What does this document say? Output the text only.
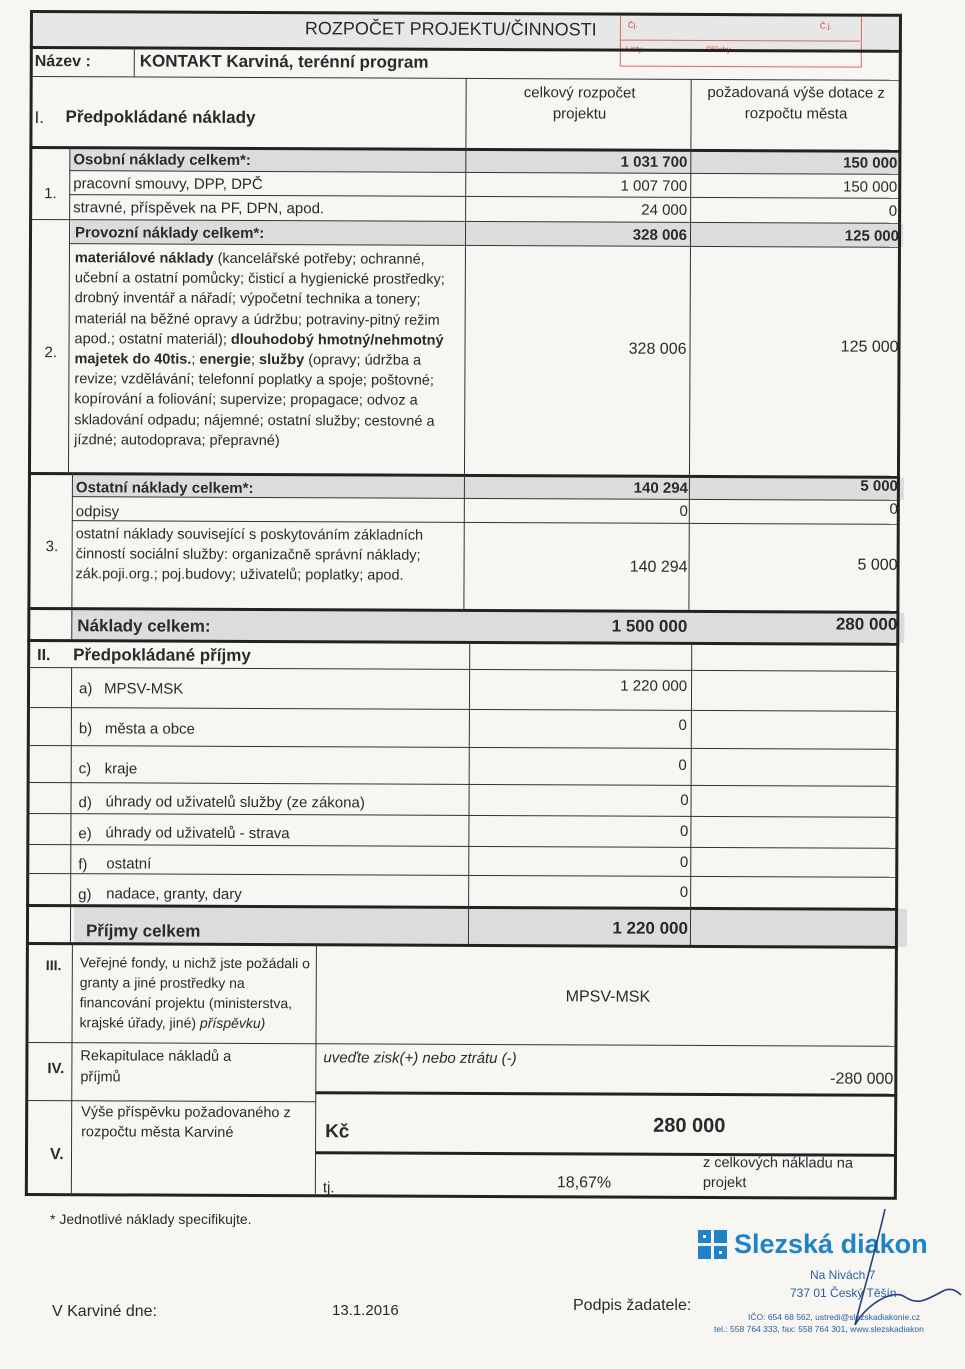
Čj.	Č.j.
Listy	Přílohy
ROZPOČET PROJEKTU/ČINNOSTI
Název :	KONTAKT Karviná, terénní program
I. Předpokládané náklady
celkový rozpočet projektu
požadovaná výše dotace z rozpočtu města
1.
Osobní náklady celkem*:	1 031 700	150 000
pracovní smouvy, DPP, DPČ	1 007 700	150 000
stravné, příspěvek na PF, DPN, apod.	24 000	0
2.
Provozní náklady celkem*:	328 006	125 000
materiálové náklady (kancelářské potřeby; ochranné, učební a ostatní pomůcky; čisticí a hygienické prostředky; drobný inventář a nářadí; výpočetní technika a tonery; materiál na běžné opravy a údržbu; potraviny-pitný režim apod.; ostatní materiál); dlouhodobý hmotný/nehmotný majetek do 40tis.; energie; služby (opravy; údržba a revize; vzdělávání; telefonní poplatky a spoje; poštovné; kopírování a foliování; supervize; propagace; odvoz a skladování odpadu; nájemné; ostatní služby; cestovné a jízdné; autodoprava; přepravné)
328 006	125 000
3.
Ostatní náklady celkem*:	140 294	5 000
odpisy	0	0
ostatní náklady související s poskytováním základních činností sociální služby: organizačně správní náklady; zák.poji.org.; poj.budovy; uživatelů; poplatky; apod.	140 294	5 000
Náklady celkem:	1 500 000	280 000
II. Předpokládané příjmy
a) MPSV-MSK	1 220 000
b) města a obce	0
c) kraje	0
d) úhrady od uživatelů služby (ze zákona)	0
e) úhrady od uživatelů - strava	0
f) ostatní	0
g) nadace, granty, dary	0
Příjmy celkem	1 220 000
III. Veřejné fondy, u nichž jste požádali o granty a jiné prostředky na financování projektu (ministerstva, krajské úřady, jiné) příspěvku)
MPSV-MSK
IV.
Rekapitulace nákladů a příjmů
uveďte zisk(+) nebo ztrátu (-)
-280 000
V.
Výše příspěvku požadovaného z rozpočtu města Karviné	Kč	280 000
tj.	18,67%
z celkových nákladu na projekt
* Jednotlivé náklady specifikujte.
V Karviné dne:	13.1.2016	Podpis žadatele:
Slezská diakon
Na Nivách 7
737 01 Český Těšín
IČO: 654 68 562, ustredi@slezskadiakonie.cz
tel.: 558 764 333, fax: 558 764 301, www.slezskadiakon
